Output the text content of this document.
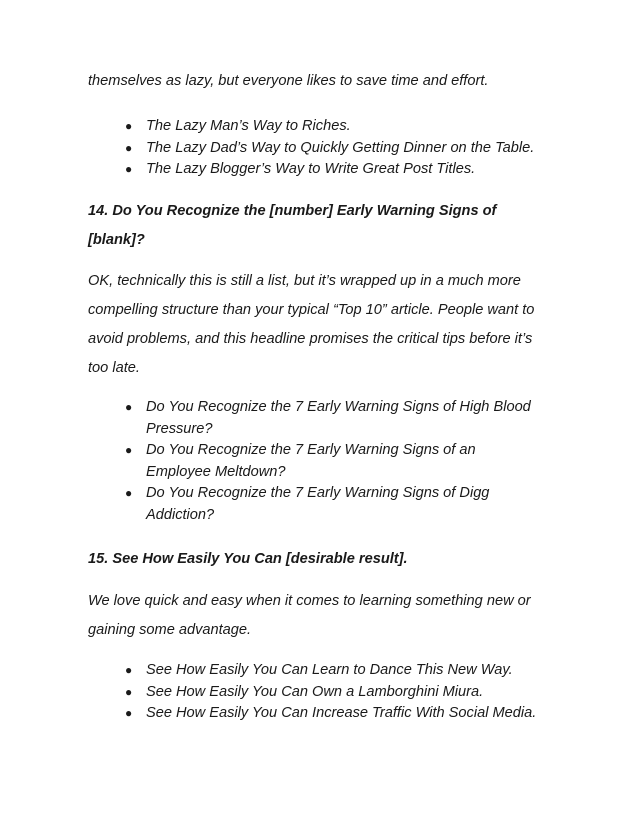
themselves as lazy, but everyone likes to save time and effort.

● The Lazy Man’s Way to Riches.
● The Lazy Dad’s Way to Quickly Getting Dinner on the Table.
● The Lazy Blogger’s Way to Write Great Post Titles.
14. Do You Recognize the [number] Early Warning Signs of
[blank]?

OK, technically this is still a list, but it’s wrapped up in a much more
compelling structure than your typical “Top 10” article. People want to
avoid problems, and this headline promises the critical tips before it’s
too late.

● Do You Recognize the 7 Early Warning Signs of High Blood
Pressure?
● Do You Recognize the 7 Early Warning Signs of an
Employee Meltdown?
● Do You Recognize the 7 Early Warning Signs of Digg
Addiction?
15. See How Easily You Can [desirable result].

We love quick and easy when it comes to learning something new or
gaining some advantage.

● See How Easily You Can Learn to Dance This New Way.
● See How Easily You Can Own a Lamborghini Miura.
● See How Easily You Can Increase Traffic With Social Media.
